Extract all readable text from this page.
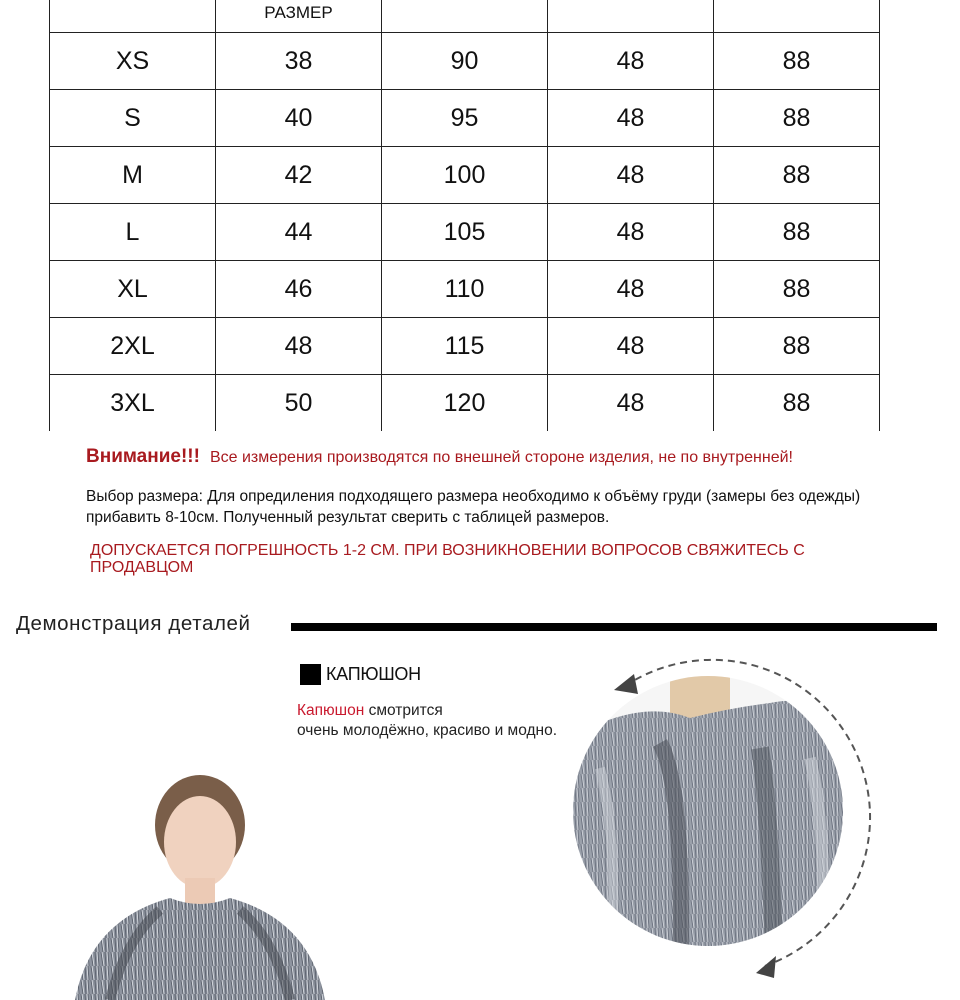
РАЗМЕР

XS	38	90	48	88
S	40	95	48	88
M	42	100	48	88
L	44	105	48	88
XL	46	110	48	88
2XL	48	115	48	88
3XL	50	120	48	88
Внимание!!! Все измерения производятся по внешней стороне изделия, не по внутренней!
Выбор размера: Для опредиления подходящего размера необходимо к объёму груди (замеры без одежды) прибавить 8-10см. Полученный результат сверить с таблицей размеров.
ДОПУСКАЕТСЯ ПОГРЕШНОСТЬ 1-2 СМ. ПРИ ВОЗНИКНОВЕНИИ ВОПРОСОВ СВЯЖИТЕСЬ С ПРОДАВЦОМ
Демонстрация деталей
КАПЮШОН
Капюшон смотрится
очень молодёжно, красиво и модно.
